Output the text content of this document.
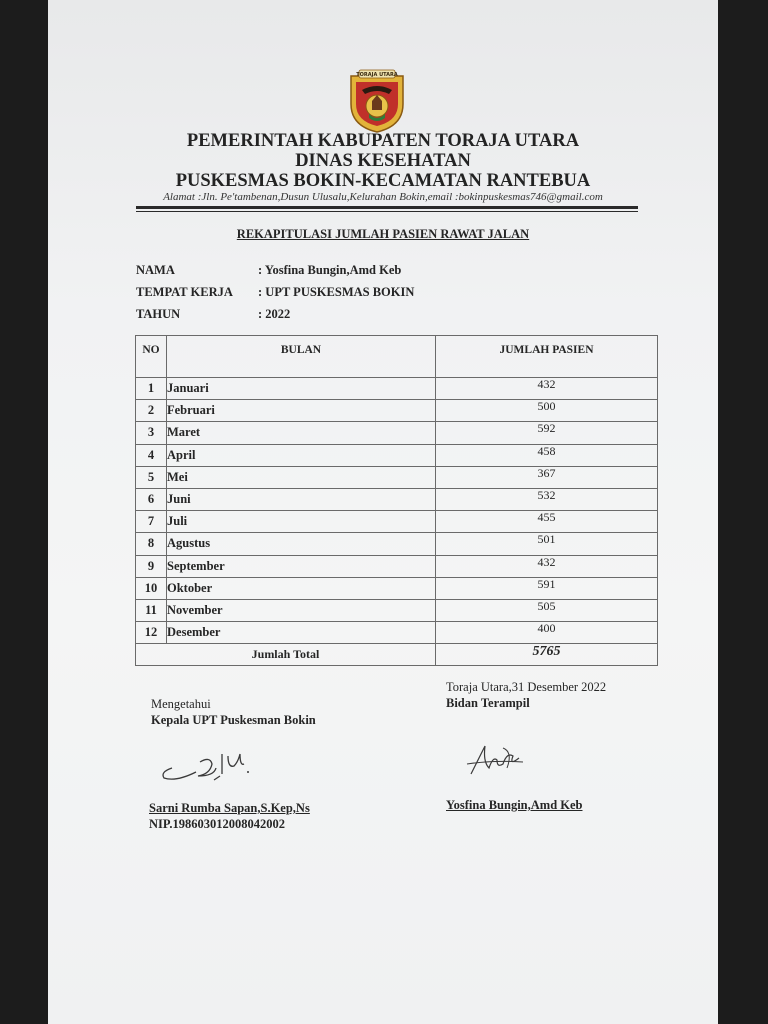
TORAJA UTARA
PEMERINTAH KABUPATEN TORAJA UTARA
DINAS KESEHATAN
PUSKESMAS BOKIN-KECAMATAN RANTEBUA
Alamat :Jln. Pe'tambenan,Dusun Ulusalu,Kelurahan Bokin,email :bokinpuskesmas746@gmail.com
REKAPITULASI JUMLAH PASIEN RAWAT JALAN
NAMA	: Yosfina Bungin,Amd Keb
TEMPAT KERJA : UPT PUSKESMAS BOKIN
TAHUN	: 2022
NO	BULAN	JUMLAH PASIEN
1	Januari	432
2	Februari	500
3	Maret	592
4	April	458
5	Mei	367
6	Juni	532
7	Juli	455
8	Agustus	501
9	September	432
10	Oktober	591
11	November	505
12	Desember	400
Jumlah Total		5765
Toraja Utara,31 Desember 2022
Bidan Terampil
Mengetahui
Kepala UPT Puskesman Bokin
Sarni Rumba Sapan,S.Kep,Ns
NIP.198603012008042002
Yosfina Bungin,Amd Keb
